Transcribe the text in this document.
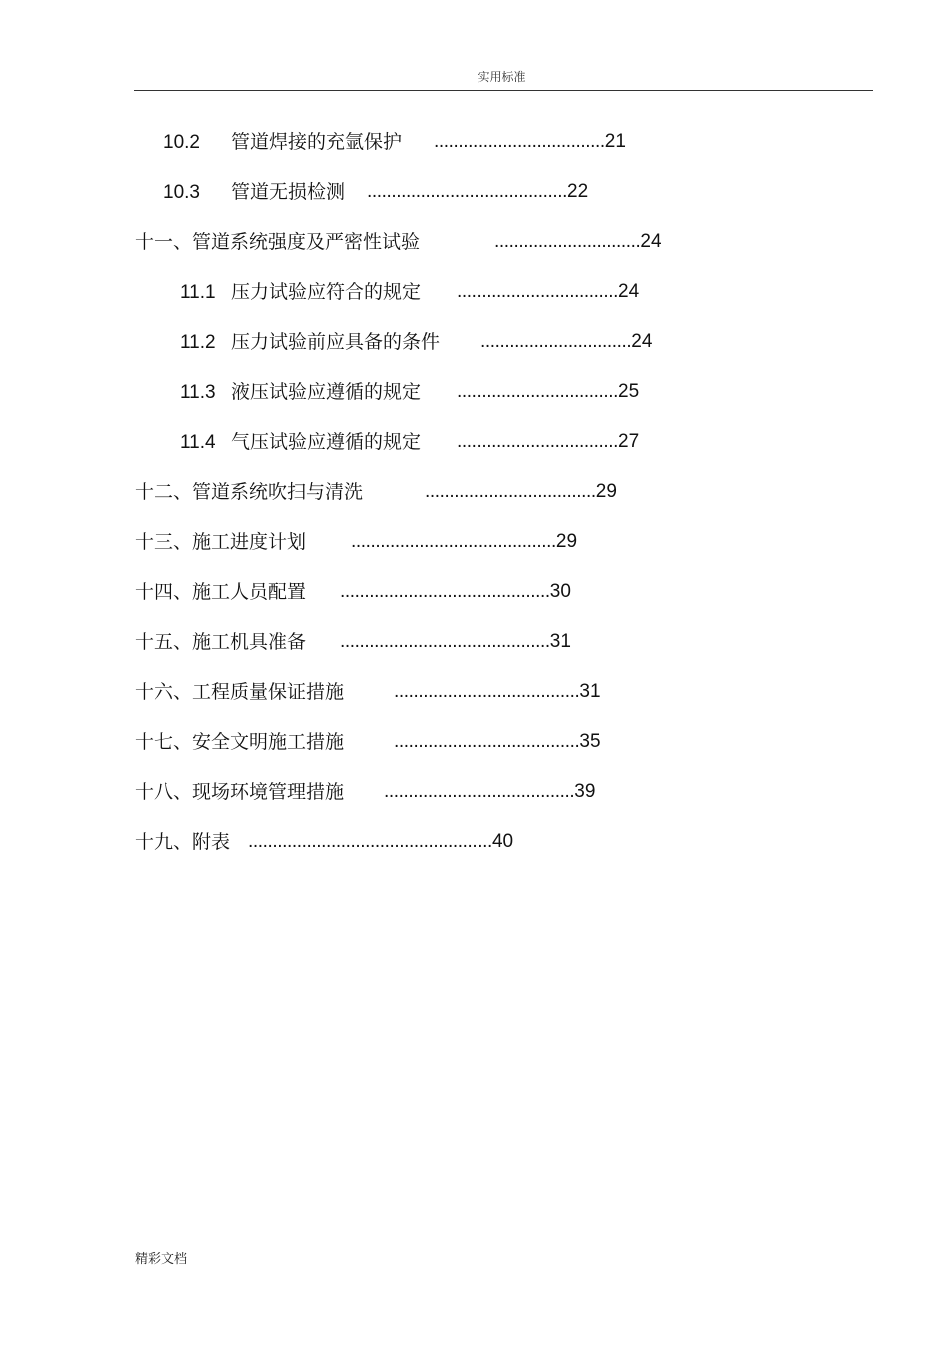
实用标准
10.2 管道焊接的充氩保护 ...................................21
10.3 管道无损检测 .........................................22
十一、管道系统强度及严密性试验	..............................24
11.1 压力试验应符合的规定 .................................24
11.2 压力试验前应具备的条件 ...............................24
11.3 液压试验应遵循的规定 .................................25
11.4 气压试验应遵循的规定 .................................27
十二、管道系统吹扫与清洗	...................................29
十三、施工进度计划 ..........................................29
十四、施工人员配置 ...........................................30
十五、施工机具准备 ...........................................31
十六、工程质量保证措施	......................................31
十七、安全文明施工措施	......................................35
十八、现场环境管理措施 .......................................39
十九、附表 ..................................................40
精彩文档
